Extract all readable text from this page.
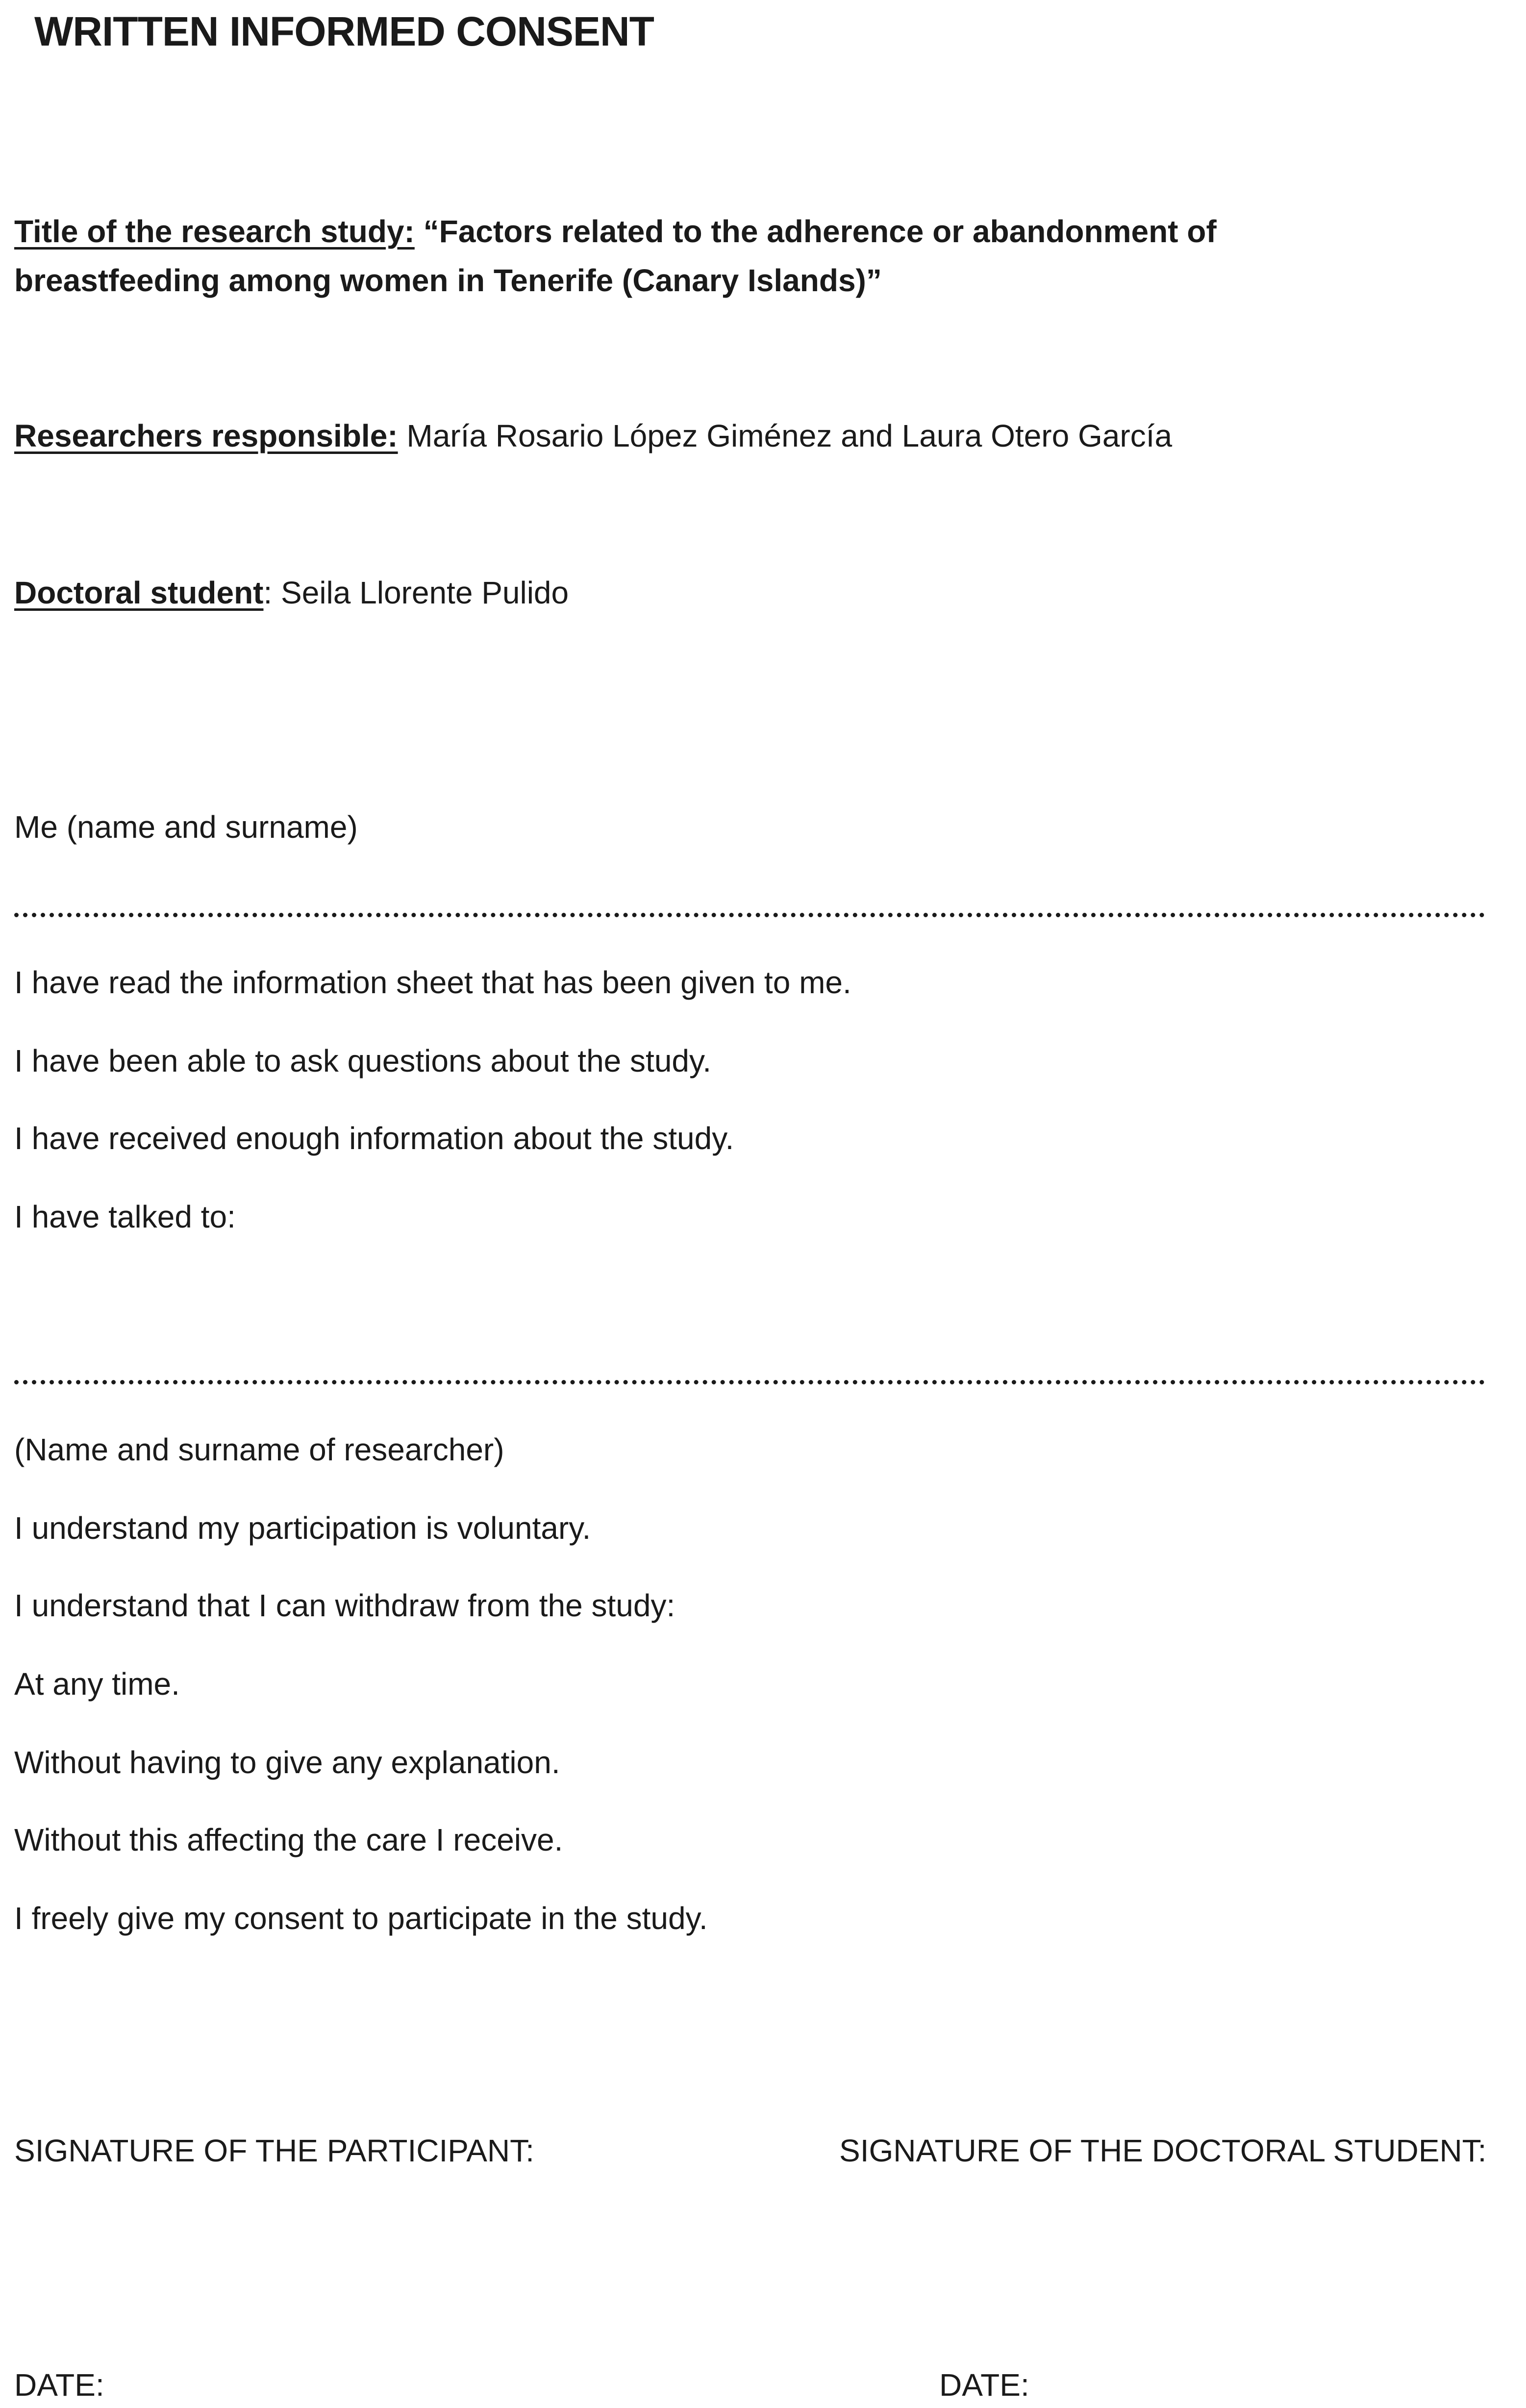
WRITTEN INFORMED CONSENT
Title of the research study: “Factors related to the adherence or abandonment of
breastfeeding among women in Tenerife (Canary Islands)”
Researchers responsible: María Rosario López Giménez and Laura Otero García
Doctoral student: Seila Llorente Pulido
Me (name and surname)
I have read the information sheet that has been given to me.
I have been able to ask questions about the study.
I have received enough information about the study.
I have talked to:
(Name and surname of researcher)
I understand my participation is voluntary.
I understand that I can withdraw from the study:
At any time.
Without having to give any explanation.
Without this affecting the care I receive.
I freely give my consent to participate in the study.
SIGNATURE OF THE PARTICIPANT:	SIGNATURE OF THE DOCTORAL STUDENT:
DATE:	DATE:
